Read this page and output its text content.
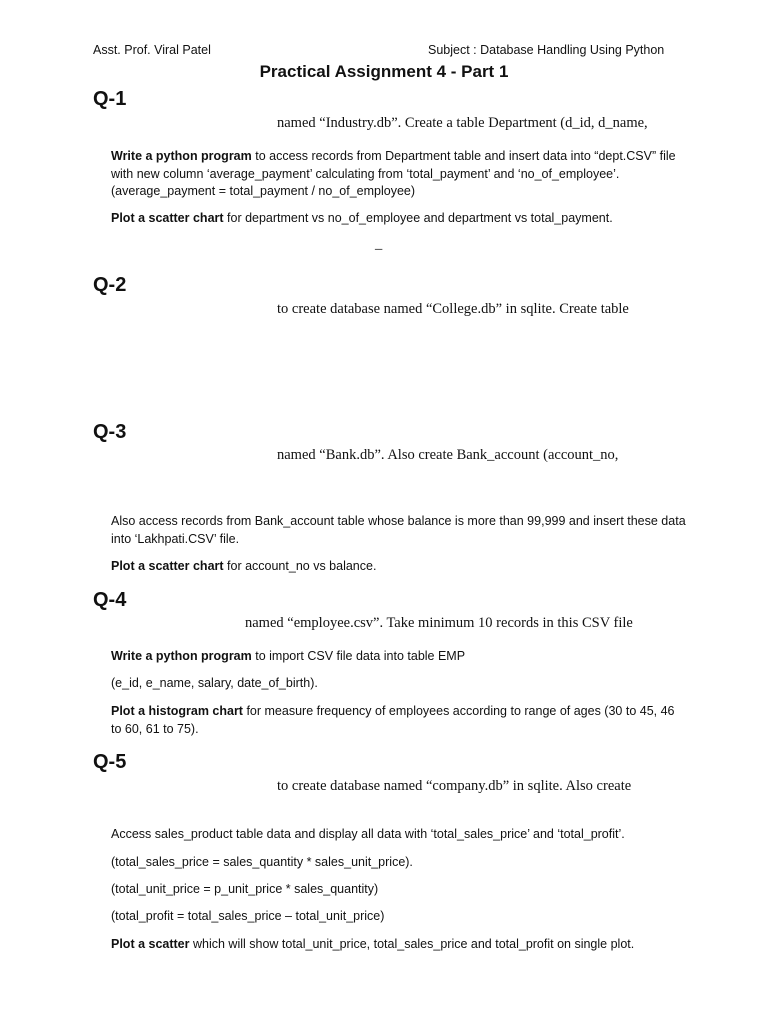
Asst. Prof. Viral Patel	Subject : Database Handling Using Python
Practical Assignment 4 - Part 1
Q-1
named “Industry.db”. Create a table Department (d_id, d_name,
Write a python program to access records from Department table and insert data into “dept.CSV” file with new column ‘average_payment’ calculating from ‘total_payment’ and ‘no_of_employee’. (average_payment = total_payment / no_of_employee)
Plot a scatter chart for department vs no_of_employee and department vs total_payment.
_
Q-2
to create database named “College.db” in sqlite. Create table
Q-3
named “Bank.db”. Also create Bank_account (account_no,
Also access records from Bank_account table whose balance is more than 99,999 and insert these data into ‘Lakhpati.CSV’ file.
Plot a scatter chart for account_no vs balance.
Q-4
named “employee.csv”. Take minimum 10 records in this CSV file
Write a python program to import CSV file data into table EMP
(e_id, e_name, salary, date_of_birth).
Plot a histogram chart for measure frequency of employees according to range of ages (30 to 45, 46 to 60, 61 to 75).
Q-5
to create database named “company.db” in sqlite. Also create
Access sales_product table data and display all data with ‘total_sales_price’ and ‘total_profit’.
(total_sales_price = sales_quantity * sales_unit_price).
(total_unit_price = p_unit_price * sales_quantity)
(total_profit = total_sales_price – total_unit_price)
Plot a scatter which will show total_unit_price, total_sales_price and total_profit on single plot.
